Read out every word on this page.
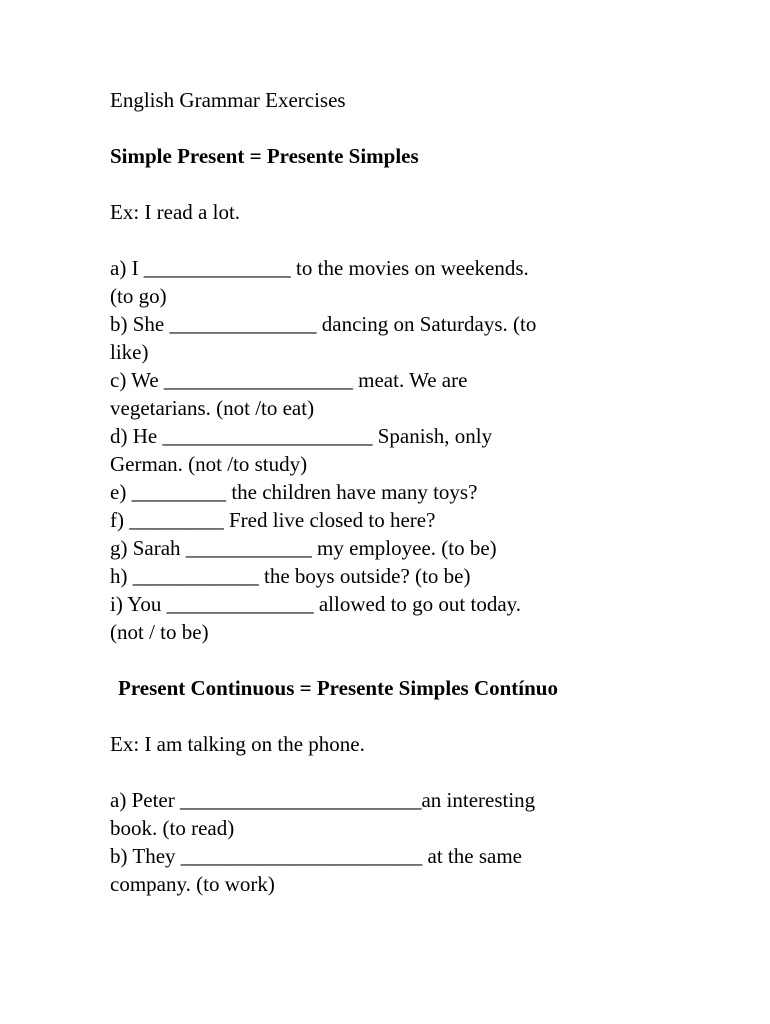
English Grammar Exercises
Simple Present = Presente Simples
Ex: I read a lot.
a) I ______________ to the movies on weekends.
(to go)
b) She ______________ dancing on Saturdays. (to
like)
c) We __________________ meat. We are
vegetarians. (not /to eat)
d) He ____________________ Spanish, only
German. (not /to study)
e) _________ the children have many toys?
f) _________ Fred live closed to here?
g) Sarah ____________ my employee. (to be)
h) ____________ the boys outside? (to be)
i) You ______________ allowed to go out today.
(not / to be)
Present Continuous = Presente Simples Contínuo
Ex: I am talking on the phone.
a) Peter _______________________an interesting
book. (to read)
b) They _______________________ at the same
company. (to work)
